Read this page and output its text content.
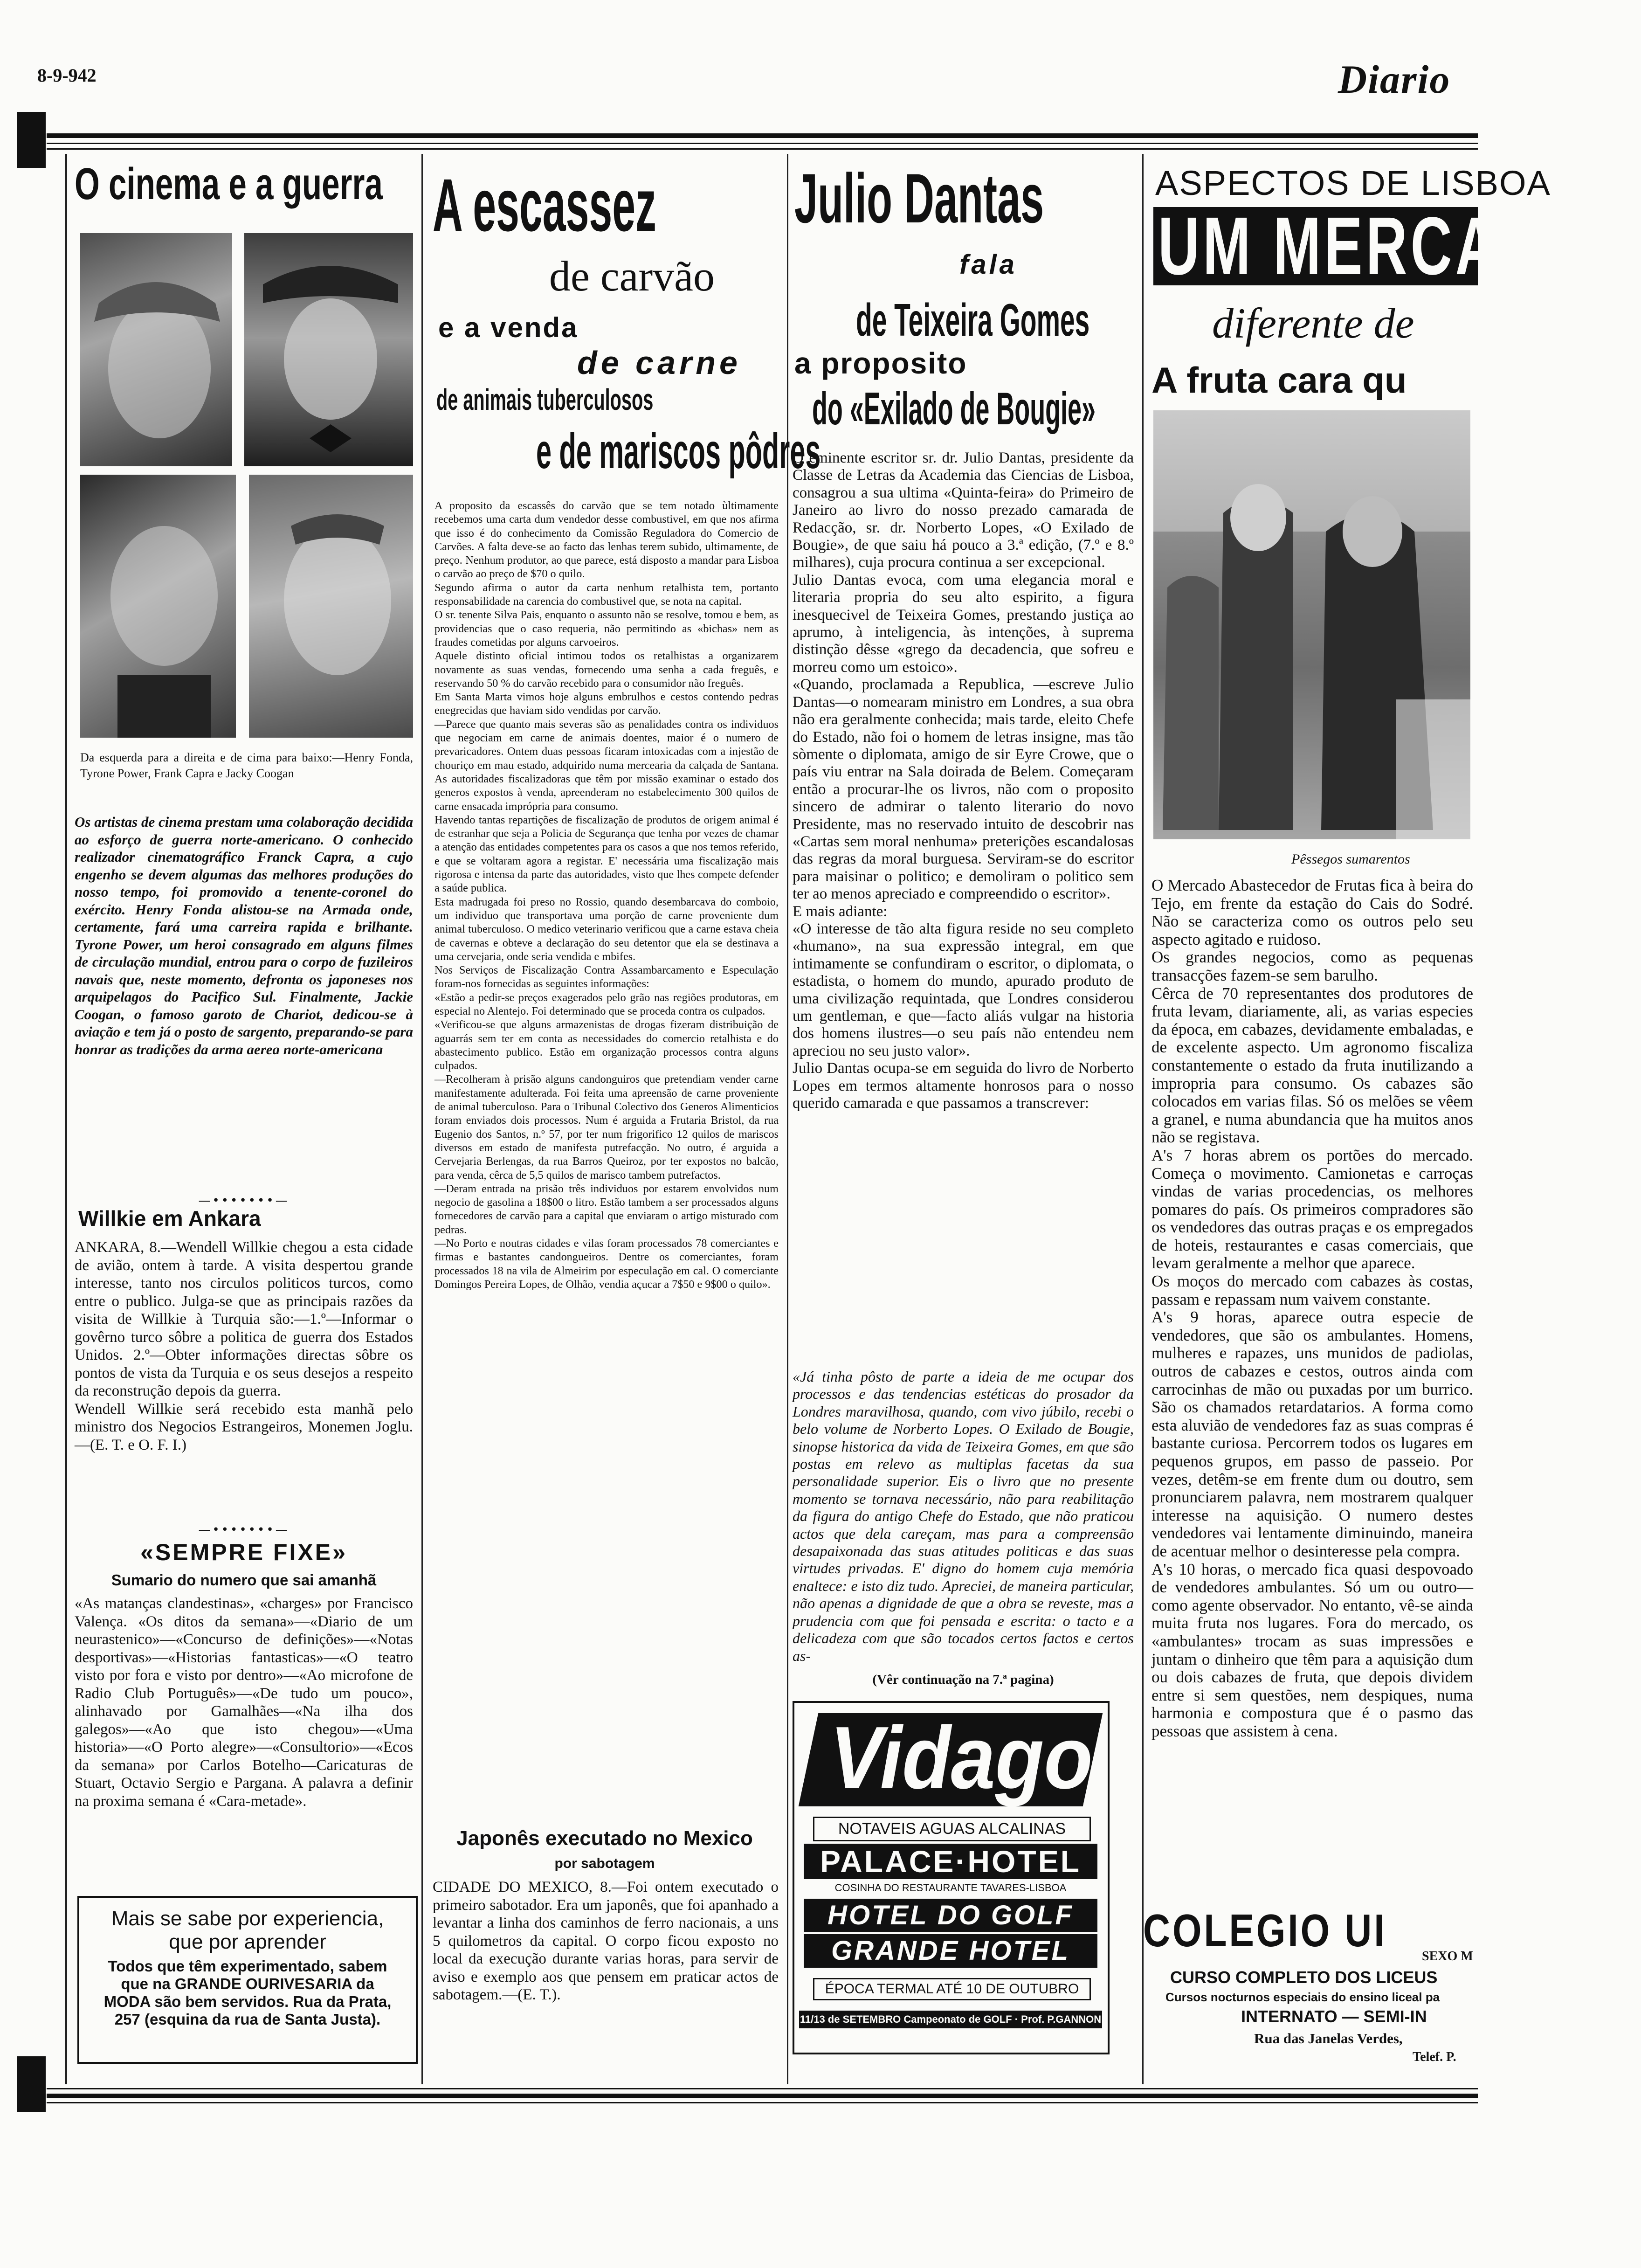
8-9-942	Diario
O cinema e a guerra

Da esquerda para a direita e de cima para baixo:—Henry Fonda, Tyrone Power, Frank Capra e Jacky Coogan

Os artistas de cinema prestam uma colaboração decidida ao esforço de guerra norte-americano. O conhecido realizador cinematográfico Franck Capra, a cujo engenho se devem algumas das melhores produções do nosso tempo, foi promovido a tenente-coronel do exército. Henry Fonda alistou-se na Armada onde, certamente, fará uma carreira rapida e brilhante. Tyrone Power, um heroi consagrado em alguns filmes de circulação mundial, entrou para o corpo de fuzileiros navais que, neste momento, defronta os japoneses nos arquipelagos do Pacifico Sul. Finalmente, Jackie Coogan, o famoso garoto de Chariot, dedicou-se à aviação e tem já o posto de sargento, preparando-se para honrar as tradições da arma aerea norte-americana

—•••••••—
Willkie em Ankara

ANKARA, 8.—Wendell Willkie chegou a esta cidade de avião, ontem à tarde. A visita despertou grande interesse, tanto nos circulos politicos turcos, como entre o publico. Julga-se que as principais razões da visita de Willkie à Turquia são:—1.º—Informar o govêrno turco sôbre a politica de guerra dos Estados Unidos. 2.º—Obter informações directas sôbre os pontos de vista da Turquia e os seus desejos a respeito da reconstrução depois da guerra.
Wendell Willkie será recebido esta manhã pelo ministro dos Negocios Estrangeiros, Monemen Joglu.—(E. T. e O. F. I.)

—•••••••—
«SEMPRE FIXE»
Sumario do numero que sai amanhã

«As matanças clandestinas», «charges» por Francisco Valença. «Os ditos da semana»—«Diario de um neurastenico»—«Concurso de definições»—«Notas desportivas»—«Historias fantasticas»—«O teatro visto por fora e visto por dentro»—«Ao microfone de Radio Club Português»—«De tudo um pouco», alinhavado por Gamalhães—«Na ilha dos galegos»—«Ao que isto chegou»—«Uma historia»—«O Porto alegre»—«Consultorio»—«Ecos da semana» por Carlos Botelho—Caricaturas de Stuart, Octavio Sergio e Pargana. A palavra a definir na proxima semana é «Cara-metade».

Mais se sabe por experiencia, que por aprender
Todos que têm experimentado, sabem que na GRANDE OURIVESARIA da MODA são bem servidos. Rua da Prata, 257 (esquina da rua de Santa Justa).
A escassez
de carvão
e a venda
de carne
de animais tuberculosos
e de mariscos pôdres

A proposito da escassês do carvão que se tem notado ùltimamente recebemos uma carta dum vendedor desse combustivel, em que nos afirma que isso é do conhecimento da Comissão Reguladora do Comercio de Carvões. A falta deve-se ao facto das lenhas terem subido, ultimamente, de preço. Nenhum produtor, ao que parece, está disposto a mandar para Lisboa o carvão ao preço de $70 o quilo.
Segundo afirma o autor da carta nenhum retalhista tem, portanto responsabilidade na carencia do combustivel que, se nota na capital.
O sr. tenente Silva Pais, enquanto o assunto não se resolve, tomou e bem, as providencias que o caso requeria, não permitindo as «bichas» nem as fraudes cometidas por alguns carvoeiros.
Aquele distinto oficial intimou todos os retalhistas a organizarem novamente as suas vendas, fornecendo uma senha a cada freguês, e reservando 50 % do carvão recebido para o consumidor não freguês.
Em Santa Marta vimos hoje alguns embrulhos e cestos contendo pedras enegrecidas que haviam sido vendidas por carvão.
—Parece que quanto mais severas são as penalidades contra os individuos que negociam em carne de animais doentes, maior é o numero de prevaricadores. Ontem duas pessoas ficaram intoxicadas com a injestão de chouriço em mau estado, adquirido numa mercearia da calçada de Santana. As autoridades fiscalizadoras que têm por missão examinar o estado dos generos expostos à venda, apreenderam no estabelecimento 300 quilos de carne ensacada imprópria para consumo.
Havendo tantas repartições de fiscalização de produtos de origem animal é de estranhar que seja a Policia de Segurança que tenha por vezes de chamar a atenção das entidades competentes para os casos a que nos temos referido, e que se voltaram agora a registar. E' necessária uma fiscalização mais rigorosa e intensa da parte das autoridades, visto que lhes compete defender a saúde publica.
Esta madrugada foi preso no Rossio, quando desembarcava do comboio, um individuo que transportava uma porção de carne proveniente dum animal tuberculoso. O medico veterinario verificou que a carne estava cheia de cavernas e obteve a declaração do seu detentor que ela se destinava a uma cervejaria, onde seria vendida e mbifes.
Nos Serviços de Fiscalização Contra Assambarcamento e Especulação foram-nos fornecidas as seguintes informações:
«Estão a pedir-se preços exagerados pelo grão nas regiões produtoras, em especial no Alentejo. Foi determinado que se proceda contra os culpados.
«Verificou-se que alguns armazenistas de drogas fizeram distribuição de aguarrás sem ter em conta as necessidades do comercio retalhista e do abastecimento publico. Estão em organização processos contra alguns culpados.
—Recolheram à prisão alguns candonguiros que pretendiam vender carne manifestamente adulterada. Foi feita uma apreensão de carne proveniente de animal tuberculoso. Para o Tribunal Colectivo dos Generos Alimenticios foram enviados dois processos. Num é arguida a Frutaria Bristol, da rua Eugenio dos Santos, n.º 57, por ter num frigorifico 12 quilos de mariscos diversos em estado de manifesta putrefacção. No outro, é arguida a Cervejaria Berlengas, da rua Barros Queiroz, por ter expostos no balcão, para venda, cêrca de 5,5 quilos de marisco tambem putrefactos.
—Deram entrada na prisão três individuos por estarem envolvidos num negocio de gasolina a 18$00 o litro. Estão tambem a ser processados alguns fornecedores de carvão para a capital que enviaram o artigo misturado com pedras.
—No Porto e noutras cidades e vilas foram processados 78 comerciantes e firmas e bastantes candongueiros. Dentre os comerciantes, foram processados 18 na vila de Almeirim por especulação em cal. O comerciante Domingos Pereira Lopes, de Olhão, vendia açucar a 7$50 e 9$00 o quilo».

Japonês executado no Mexico
por sabotagem

CIDADE DO MEXICO, 8.—Foi ontem executado o primeiro sabotador. Era um japonês, que foi apanhado a levantar a linha dos caminhos de ferro nacionais, a uns 5 quilometros da capital. O corpo ficou exposto no local da execução durante varias horas, para servir de aviso e exemplo aos que pensem em praticar actos de sabotagem.—(E. T.).

Julio Dantas
fala
de Teixeira Gomes
a proposito
do «Exilado de Bougie»

O eminente escritor sr. dr. Julio Dantas, presidente da Classe de Letras da Academia das Ciencias de Lisboa, consagrou a sua ultima «Quinta-feira» do Primeiro de Janeiro ao livro do nosso prezado camarada de Redacção, sr. dr. Norberto Lopes, «O Exilado de Bougie», de que saiu há pouco a 3.ª edição, (7.º e 8.º milhares), cuja procura continua a ser excepcional.
Julio Dantas evoca, com uma elegancia moral e literaria propria do seu alto espirito, a figura inesquecivel de Teixeira Gomes, prestando justiça ao aprumo, à inteligencia, às intenções, à suprema distinção dêsse «grego da decadencia, que sofreu e morreu como um estoico».
«Quando, proclamada a Republica, —escreve Julio Dantas—o nomearam ministro em Londres, a sua obra não era geralmente conhecida; mais tarde, eleito Chefe do Estado, não foi o homem de letras insigne, mas tão sòmente o diplomata, amigo de sir Eyre Crowe, que o país viu entrar na Sala doirada de Belem. Começaram então a procurar-lhe os livros, não com o proposito sincero de admirar o talento literario do novo Presidente, mas no reservado intuito de descobrir nas «Cartas sem moral nenhuma» preterições escandalosas das regras da moral burguesa. Serviram-se do escritor para maisinar o politico; e demoliram o politico sem ter ao menos apreciado e compreendido o escritor».
E mais adiante:
«O interesse de tão alta figura reside no seu completo «humano», na sua expressão integral, em que intimamente se confundiram o escritor, o diplomata, o estadista, o homem do mundo, apurado produto de uma civilização requintada, que Londres considerou um gentleman, e que—facto aliás vulgar na historia dos homens ilustres—o seu país não entendeu nem apreciou no seu justo valor».
Julio Dantas ocupa-se em seguida do livro de Norberto Lopes em termos altamente honrosos para o nosso querido camarada e que passamos a transcrever:

«Já tinha pôsto de parte a ideia de me ocupar dos processos e das tendencias estéticas do prosador da Londres maravilhosa, quando, com vivo júbilo, recebi o belo volume de Norberto Lopes. O Exilado de Bougie, sinopse historica da vida de Teixeira Gomes, em que são postas em relevo as multiplas facetas da sua personalidade superior. Eis o livro que no presente momento se tornava necessário, não para reabilitação da figura do antigo Chefe do Estado, que não praticou actos que dela careçam, mas para a compreensão desapaixonada das suas atitudes politicas e das suas virtudes privadas. E' digno do homem cuja memória enaltece: e isto diz tudo. Apreciei, de maneira particular, não apenas a dignidade de que a obra se reveste, mas a prudencia com que foi pensada e escrita: o tacto e a delicadeza com que são tocados certos factos e certos as-

(Vêr continuação na 7.ª pagina)
Vidago
NOTAVEIS AGUAS ALCALINAS
PALACE·HOTEL
COSINHA DO RESTAURANTE TAVARES-LISBOA
HOTEL DO GOLF
GRANDE HOTEL
ÉPOCA TERMAL ATÉ 10 DE OUTUBRO
11/13 de SETEMBRO Campeonato de GOLF · Prof. P.GANNON
ASPECTOS DE LISBOA
UM MERCA
diferente de
A fruta cara qu
Pêssegos sumarentos

O Mercado Abastecedor de Frutas fica à beira do Tejo, em frente da estação do Cais do Sodré. Não se caracteriza como os outros pelo seu aspecto agitado e ruidoso.
Os grandes negocios, como as pequenas transacções fazem-se sem barulho.
Cêrca de 70 representantes dos produtores de fruta levam, diariamente, ali, as varias especies da época, em cabazes, devidamente embaladas, e de excelente aspecto. Um agronomo fiscaliza constantemente o estado da fruta inutilizando a impropria para consumo. Os cabazes são colocados em varias filas. Só os melões se vêem a granel, e numa abundancia que ha muitos anos não se registava.
A's 7 horas abrem os portões do mercado. Começa o movimento. Camionetas e carroças vindas de varias procedencias, os melhores pomares do país. Os primeiros compradores são os vendedores das outras praças e os empregados de hoteis, restaurantes e casas comerciais, que levam geralmente a melhor que aparece.
Os moços do mercado com cabazes às costas, passam e repassam num vaivem constante.
A's 9 horas, aparece outra especie de vendedores, que são os ambulantes. Homens, mulheres e rapazes, uns munidos de padiolas, outros de cabazes e cestos, outros ainda com carrocinhas de mão ou puxadas por um burrico. São os chamados retardatarios. A forma como esta aluvião de vendedores faz as suas compras é bastante curiosa. Percorrem todos os lugares em pequenos grupos, em passo de passeio. Por vezes, detêm-se em frente dum ou doutro, sem pronunciarem palavra, nem mostrarem qualquer interesse na aquisição. O numero destes vendedores vai lentamente diminuindo, maneira de acentuar melhor o desinteresse pela compra.
A's 10 horas, o mercado fica quasi despovoado de vendedores ambulantes. Só um ou outro—como agente observador. No entanto, vê-se ainda muita fruta nos lugares. Fora do mercado, os «ambulantes» trocam as suas impressões e juntam o dinheiro que têm para a aquisição dum ou dois cabazes de fruta, que depois dividem entre si sem questões, nem despiques, numa harmonia e compostura que é o pasmo das pessoas que assistem à cena.

COLEGIO UI
SEXO M
CURSO COMPLETO DOS LICEUS
Cursos nocturnos especiais do ensino liceal pa
INTERNATO — SEMI-IN
Rua das Janelas Verdes,
Telef. P.
